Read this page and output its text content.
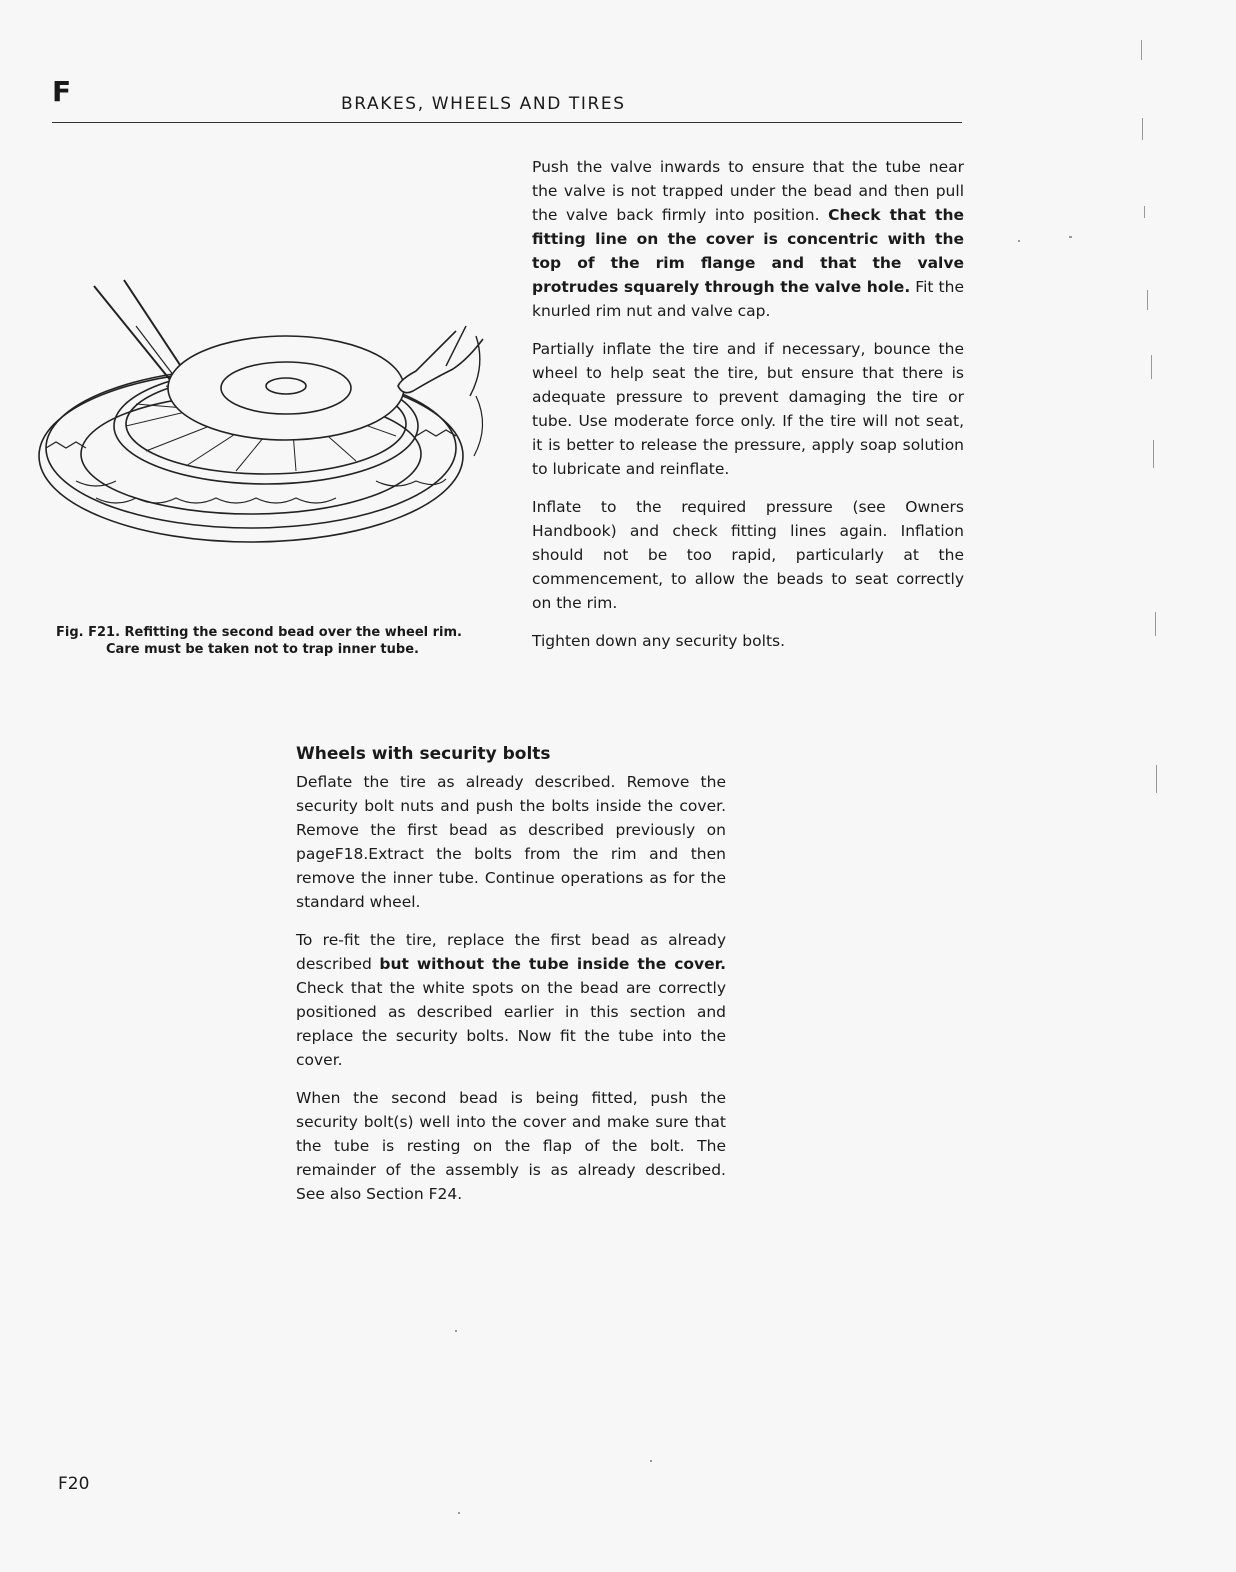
F	BRAKES, WHEELS AND TIRES

Push the valve inwards to ensure that the tube near the valve is not trapped under the bead and then pull the valve back firmly into position. Check that the fitting line on the cover is concentric with the top of the rim flange and that the valve protrudes squarely through the valve hole. Fit the knurled rim nut and valve cap.

Partially inflate the tire and if necessary, bounce the wheel to help seat the tire, but ensure that there is adequate pressure to prevent damaging the tire or tube. Use moderate force only. If the tire will not seat, it is better to release the pressure, apply soap solution to lubricate and reinflate.

Inflate to the required pressure (see Owners Handbook) and check fitting lines again. Inflation should not be too rapid, particularly at the commencement, to allow the beads to seat correctly on the rim.

Tighten down any security bolts.

Fig. F21. Refitting the second bead over the wheel rim.
Care must be taken not to trap inner tube.
Wheels with security bolts

Deflate the tire as already described. Remove the security bolt nuts and push the bolts inside the cover. Remove the first bead as described previously on pageF18.Extract the bolts from the rim and then remove the inner tube. Continue operations as for the standard wheel.

To re-fit the tire, replace the first bead as already described but without the tube inside the cover. Check that the white spots on the bead are correctly positioned as described earlier in this section and replace the security bolts. Now fit the tube into the cover.

When the second bead is being fitted, push the security bolt(s) well into the cover and make sure that the tube is resting on the flap of the bolt. The remainder of the assembly is as already described. See also Section F24.

F20
